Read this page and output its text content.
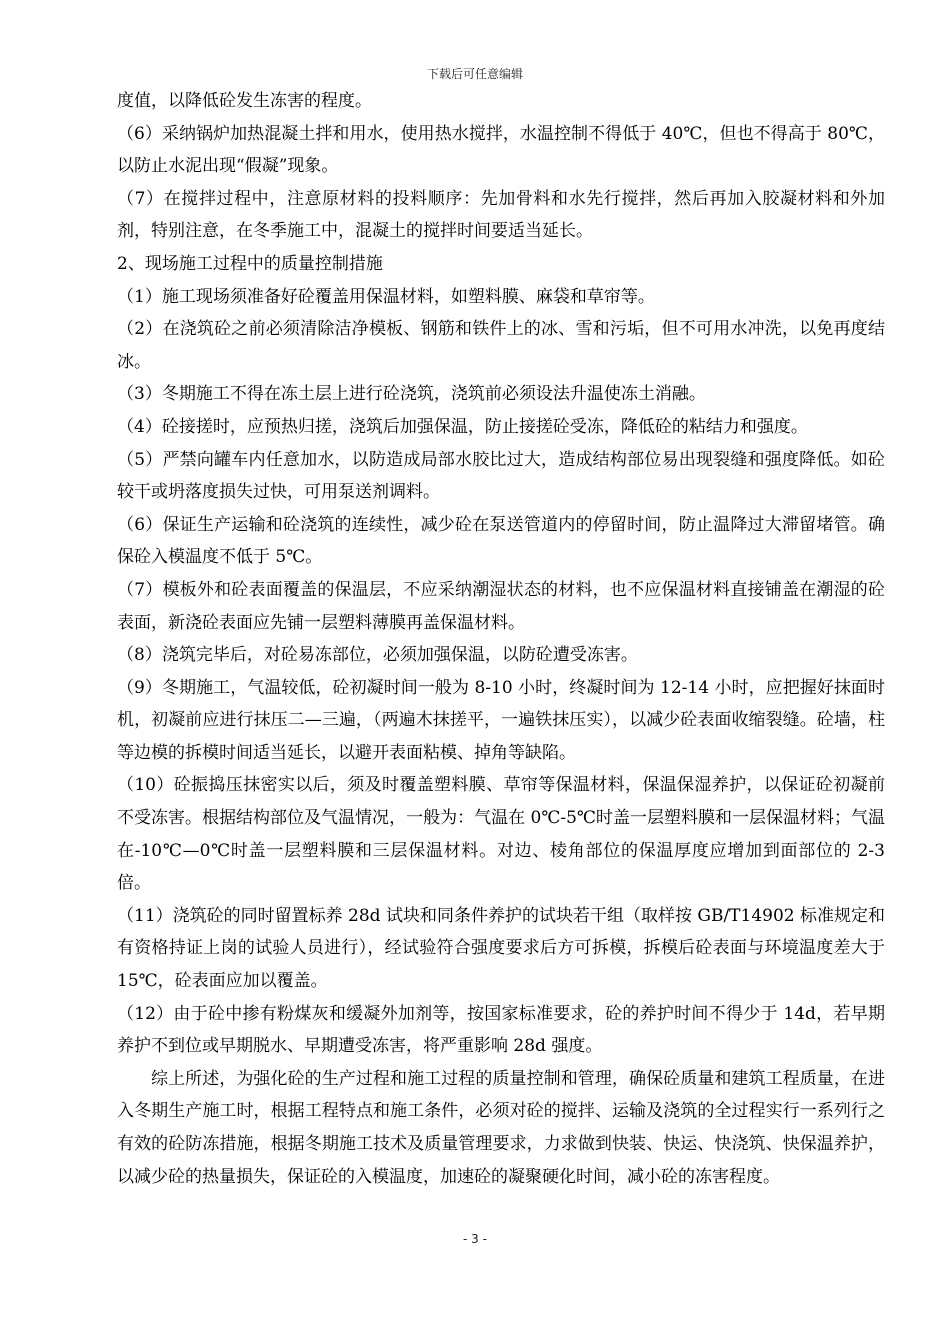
下载后可任意编辑

度值，以降低砼发生冻害的程度。

（6）采纳锅炉加热混凝土拌和用水，使用热水搅拌，水温控制不得低于 40℃，但也不得高于 80℃，以防止水泥出现“假凝”现象。

（7）在搅拌过程中，注意原材料的投料顺序：先加骨料和水先行搅拌，然后再加入胶凝材料和外加剂，特别注意，在冬季施工中，混凝土的搅拌时间要适当延长。

2、现场施工过程中的质量控制措施

（1）施工现场须准备好砼覆盖用保温材料，如塑料膜、麻袋和草帘等。

（2）在浇筑砼之前必须清除洁净模板、钢筋和铁件上的冰、雪和污垢，但不可用水冲洗，以免再度结冰。

（3）冬期施工不得在冻土层上进行砼浇筑，浇筑前必须设法升温使冻土消融。

（4）砼接搓时，应预热归搓，浇筑后加强保温，防止接搓砼受冻，降低砼的粘结力和强度。

（5）严禁向罐车内任意加水，以防造成局部水胶比过大，造成结构部位易出现裂缝和强度降低。如砼较干或坍落度损失过快，可用泵送剂调料。

（6）保证生产运输和砼浇筑的连续性，减少砼在泵送管道内的停留时间，防止温降过大滞留堵管。确保砼入模温度不低于 5℃。

（7）模板外和砼表面覆盖的保温层，不应采纳潮湿状态的材料，也不应保温材料直接铺盖在潮湿的砼表面，新浇砼表面应先铺一层塑料薄膜再盖保温材料。

（8）浇筑完毕后，对砼易冻部位，必须加强保温，以防砼遭受冻害。

（9）冬期施工，气温较低，砼初凝时间一般为 8-10 小时，终凝时间为 12-14 小时，应把握好抹面时机，初凝前应进行抹压二—三遍，（两遍木抹搓平，一遍铁抹压实），以减少砼表面收缩裂缝。砼墙，柱等边模的拆模时间适当延长，以避开表面粘模、掉角等缺陷。

（10）砼振捣压抹密实以后，须及时覆盖塑料膜、草帘等保温材料，保温保湿养护，以保证砼初凝前不受冻害。根据结构部位及气温情况，一般为：气温在 0℃-5℃时盖一层塑料膜和一层保温材料；气温在-10℃—0℃时盖一层塑料膜和三层保温材料。对边、棱角部位的保温厚度应增加到面部位的 2-3 倍。

（11）浇筑砼的同时留置标养 28d 试块和同条件养护的试块若干组（取样按 GB/T14902 标准规定和有资格持证上岗的试验人员进行），经试验符合强度要求后方可拆模，拆模后砼表面与环境温度差大于 15℃，砼表面应加以覆盖。

（12）由于砼中掺有粉煤灰和缓凝外加剂等，按国家标准要求，砼的养护时间不得少于 14d，若早期养护不到位或早期脱水、早期遭受冻害，将严重影响 28d 强度。

综上所述，为强化砼的生产过程和施工过程的质量控制和管理，确保砼质量和建筑工程质量，在进入冬期生产施工时，根据工程特点和施工条件，必须对砼的搅拌、运输及浇筑的全过程实行一系列行之有效的砼防冻措施，根据冬期施工技术及质量管理要求，力求做到快装、快运、快浇筑、快保温养护，以减少砼的热量损失，保证砼的入模温度，加速砼的凝聚硬化时间，减小砼的冻害程度。

- 3 -
